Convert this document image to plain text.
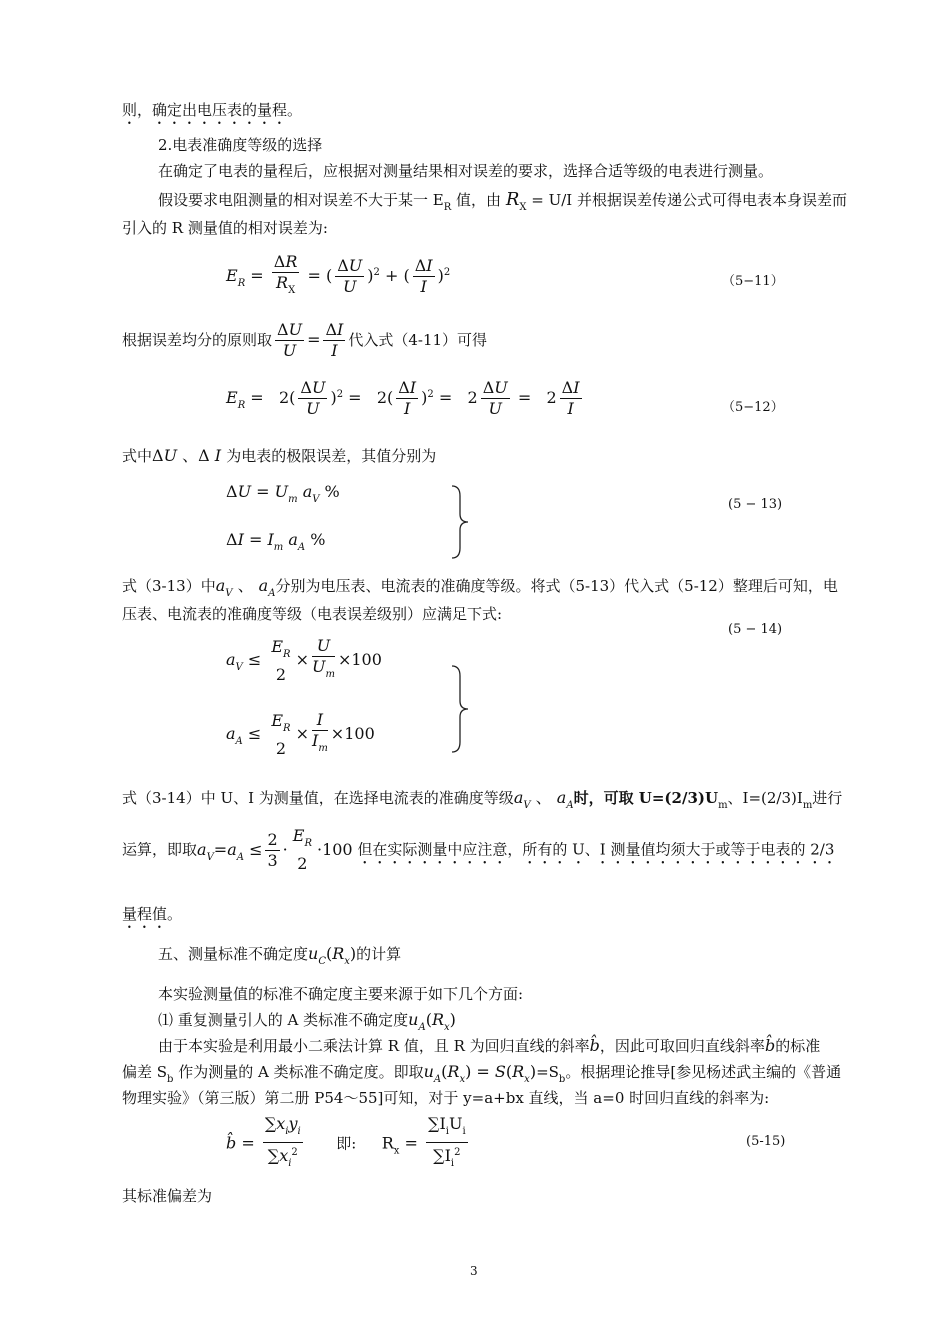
则，确定出电压表的量程。
2.电表准确度等级的选择
在确定了电表的量程后，应根据对测量结果相对误差的要求，选择合适等级的电表进行测量。
假设要求电阻测量的相对误差不大于某一 $E_R$ 值，由 $R_X = U/I$ 并根据误差传递公式可得电表本身误差而
引入的 R 测量值的相对误差为:
$E_R = \frac{\Delta R}{R_X}$ = ( $\frac{\Delta U}{U} )^2$ + ( $\frac{\Delta I}{I} )^2$
（5−11）
根据误差均分的原则取 $\frac{\Delta U}{U} = \frac{\Delta I}{I}$ 代入式（4-11）可得
$E_R = 2( \frac{\Delta U}{U} )^2 = 2( \frac{\Delta I}{I} )^2 = 2 \frac{\Delta U}{U} = 2 \frac{\Delta I}{I}$	（5−12）
式中ΔU 、Δ I 为电表的极限误差，其值分别为
$\Delta U = U_m$ $a_V$ %
$\Delta I = I_m$ $a_A$ %
(5 − 13)
式（3-13）中$a_V$ 、 $a_A$分别为电压表、电流表的准确度等级。将式（5-13）代入式（5-12）整理后可知，电
压表、电流表的准确度等级（电表误差级别）应满足下式:
(5 − 14)
$a_V$ ≤
$E_R$
2
× $\frac{U}{U_m} \times 100$
$a_A$ ≤
$E_R$
2
× $\frac{I}{I_m} \times 100$
式（3-14）中 U、I 为测量值，在选择电流表的准确度等级$a_V$ 、 $a_A$时，可取 $U=(2/3)U_m$、$I=(2/3)I_m$进行
运算，即取$a_V=a_A \le \frac{2}{3}$ ·
$E_R$
2
·100 但在实际测量中应注意，所有的 U、I 测量值均须大于或等于电表的 2/3
量程值。
五、测量标准不确定度$u_C(R_x)$的计算
本实验测量值的标准不确定度主要来源于如下几个方面:
⑴ 重复测量引人的 A 类标准不确定度$u_A(R_x)$
由于本实验是利用最小二乘法计算 R 值，且 R 为回归直线的斜率b̂，因此可取回归直线斜率b̂的标准
偏差 $S_b$ 作为测量的 A 类标准不确定度。即取$u_A(R_x) = S(R_x)=S_b$。根据理论推导[参见杨述武主编的《普通
物理实验》（第三版）第二册 P54～55]可知，对于 y=a+bx 直线，当 a=0 时回归直线的斜率为:
b̂ = $\frac{\sum x_iy_i}{\sum x_i^2}$ 即:     $R_x = \frac{\sum I_iU_i}{\sum I_i^2}$	(5-15)
其标准偏差为
3
